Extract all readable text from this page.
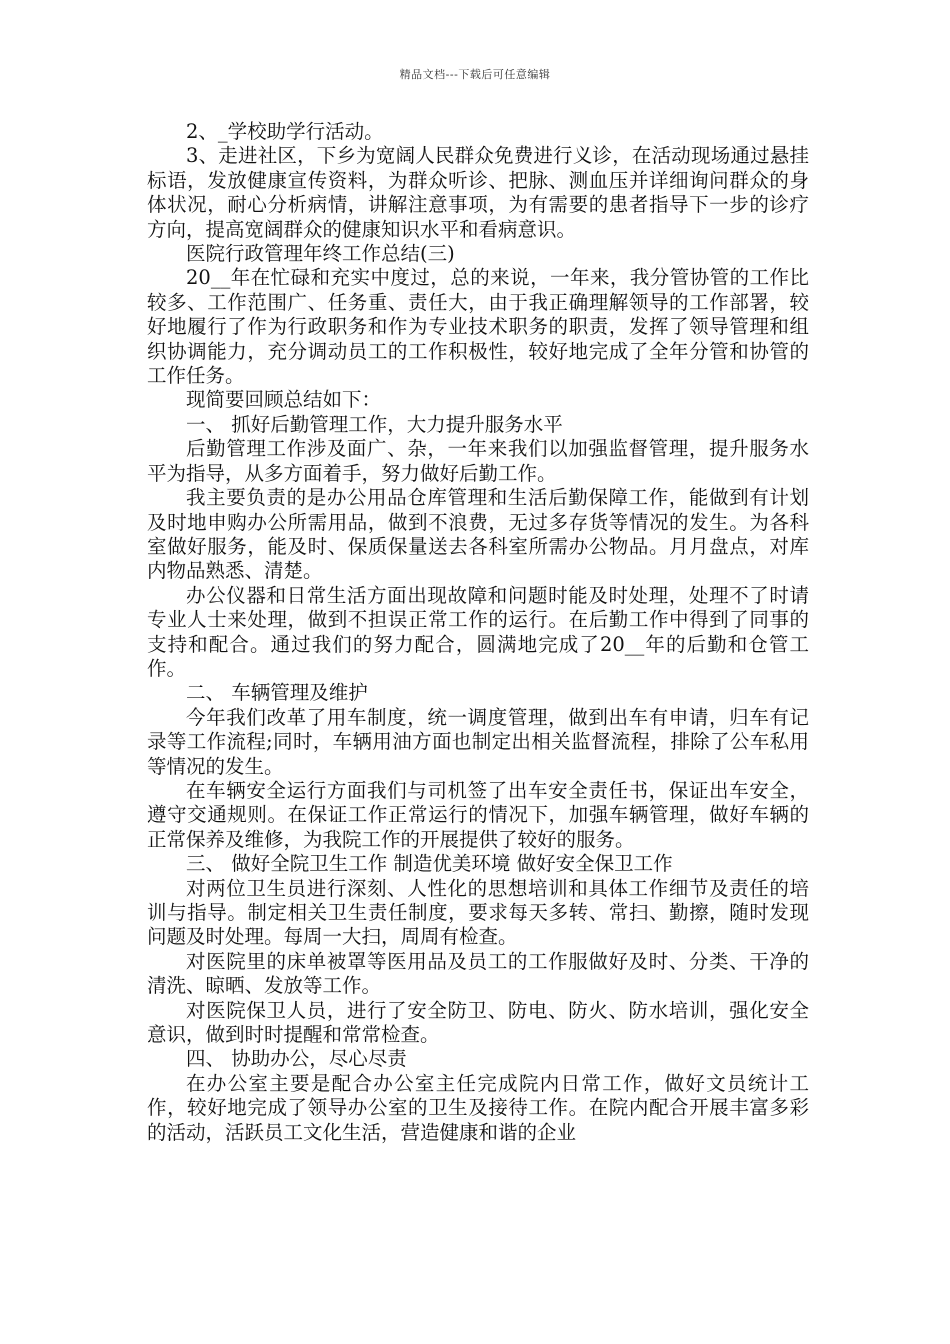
精品文档---下载后可任意编辑

2、_学校助学行活动。

3、走进社区，下乡为宽阔人民群众免费进行义诊，在活动现场通过悬挂标语，发放健康宣传资料，为群众听诊、把脉、测血压并详细询问群众的身体状况，耐心分析病情，讲解注意事项，为有需要的患者指导下一步的诊疗方向，提高宽阔群众的健康知识水平和看病意识。

医院行政管理年终工作总结(三)

20__年在忙碌和充实中度过，总的来说，一年来，我分管协管的工作比较多、工作范围广、任务重、责任大，由于我正确理解领导的工作部署，较好地履行了作为行政职务和作为专业技术职务的职责，发挥了领导管理和组织协调能力，充分调动员工的工作积极性，较好地完成了全年分管和协管的工作任务。

现简要回顾总结如下：

一、 抓好后勤管理工作，大力提升服务水平

后勤管理工作涉及面广、杂，一年来我们以加强监督管理，提升服务水平为指导，从多方面着手，努力做好后勤工作。

我主要负责的是办公用品仓库管理和生活后勤保障工作，能做到有计划及时地申购办公所需用品，做到不浪费，无过多存货等情况的发生。为各科室做好服务，能及时、保质保量送去各科室所需办公物品。月月盘点，对库内物品熟悉、清楚。

办公仪器和日常生活方面出现故障和问题时能及时处理，处理不了时请专业人士来处理，做到不担误正常工作的运行。在后勤工作中得到了同事的支持和配合。通过我们的努力配合，圆满地完成了20__年的后勤和仓管工作。

二、 车辆管理及维护

今年我们改革了用车制度，统一调度管理，做到出车有申请，归车有记录等工作流程;同时，车辆用油方面也制定出相关监督流程，排除了公车私用等情况的发生。

在车辆安全运行方面我们与司机签了出车安全责任书，保证出车安全，遵守交通规则。在保证工作正常运行的情况下，加强车辆管理，做好车辆的正常保养及维修，为我院工作的开展提供了较好的服务。

三、 做好全院卫生工作 制造优美环境 做好安全保卫工作

对两位卫生员进行深刻、人性化的思想培训和具体工作细节及责任的培训与指导。制定相关卫生责任制度，要求每天多转、常扫、勤擦，随时发现问题及时处理。每周一大扫，周周有检查。

对医院里的床单被罩等医用品及员工的工作服做好及时、分类、干净的清洗、晾晒、发放等工作。

对医院保卫人员，进行了安全防卫、防电、防火、防水培训，强化安全意识，做到时时提醒和常常检查。

四、 协助办公，尽心尽责

在办公室主要是配合办公室主任完成院内日常工作，做好文员统计工作，较好地完成了领导办公室的卫生及接待工作。在院内配合开展丰富多彩的活动，活跃员工文化生活，营造健康和谐的企业
